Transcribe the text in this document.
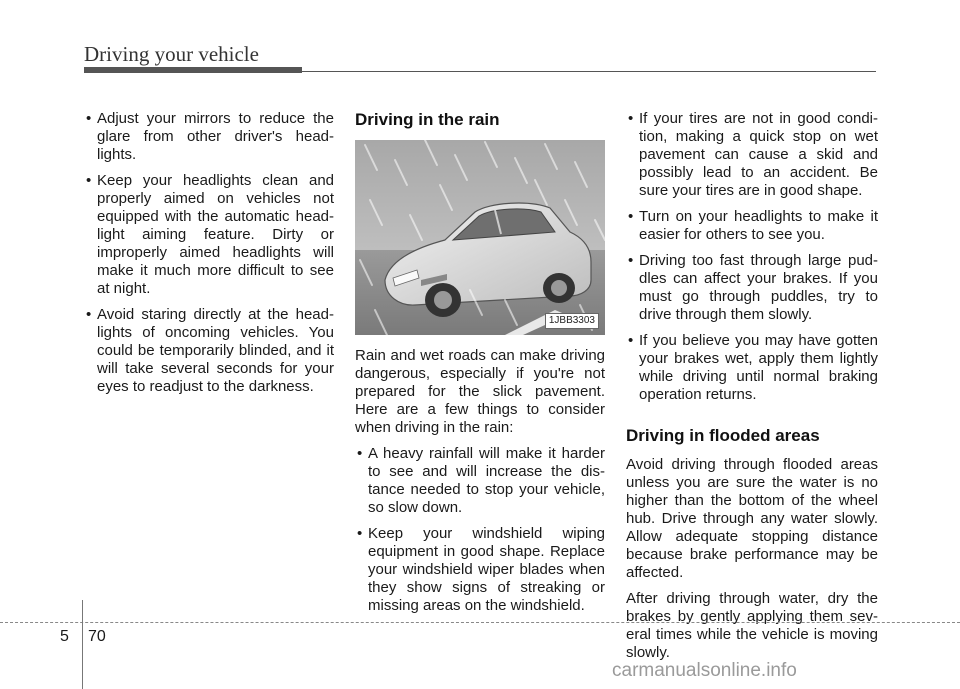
Driving your vehicle
• Adjust your mirrors to reduce the glare from other driver's head-lights.
• Keep your headlights clean and properly aimed on vehicles not equipped with the automatic head-light aiming feature. Dirty or improperly aimed headlights will make it much more difficult to see at night.
• Avoid staring directly at the head-lights of oncoming vehicles. You could be temporarily blinded, and it will take several seconds for your eyes to readjust to the darkness.
Driving in the rain
1JBB3303

Rain and wet roads can make driving dangerous, especially if you're not prepared for the slick pavement. Here are a few things to consider when driving in the rain:

• A heavy rainfall will make it harder to see and will increase the dis-tance needed to stop your vehicle, so slow down.
• Keep your windshield wiping equipment in good shape. Replace your windshield wiper blades when they show signs of streaking or missing areas on the windshield.
• If your tires are not in good condi-tion, making a quick stop on wet pavement can cause a skid and possibly lead to an accident. Be sure your tires are in good shape.
• Turn on your headlights to make it easier for others to see you.
• Driving too fast through large pud-dles can affect your brakes. If you must go through puddles, try to drive through them slowly.
• If you believe you may have gotten your brakes wet, apply them lightly while driving until normal braking operation returns.
Driving in flooded areas

Avoid driving through flooded areas unless you are sure the water is no higher than the bottom of the wheel hub. Drive through any water slowly. Allow adequate stopping distance because brake performance may be affected.

After driving through water, dry the brakes by gently applying them sev-eral times while the vehicle is moving slowly.

5 70
carmanualsonline.info
